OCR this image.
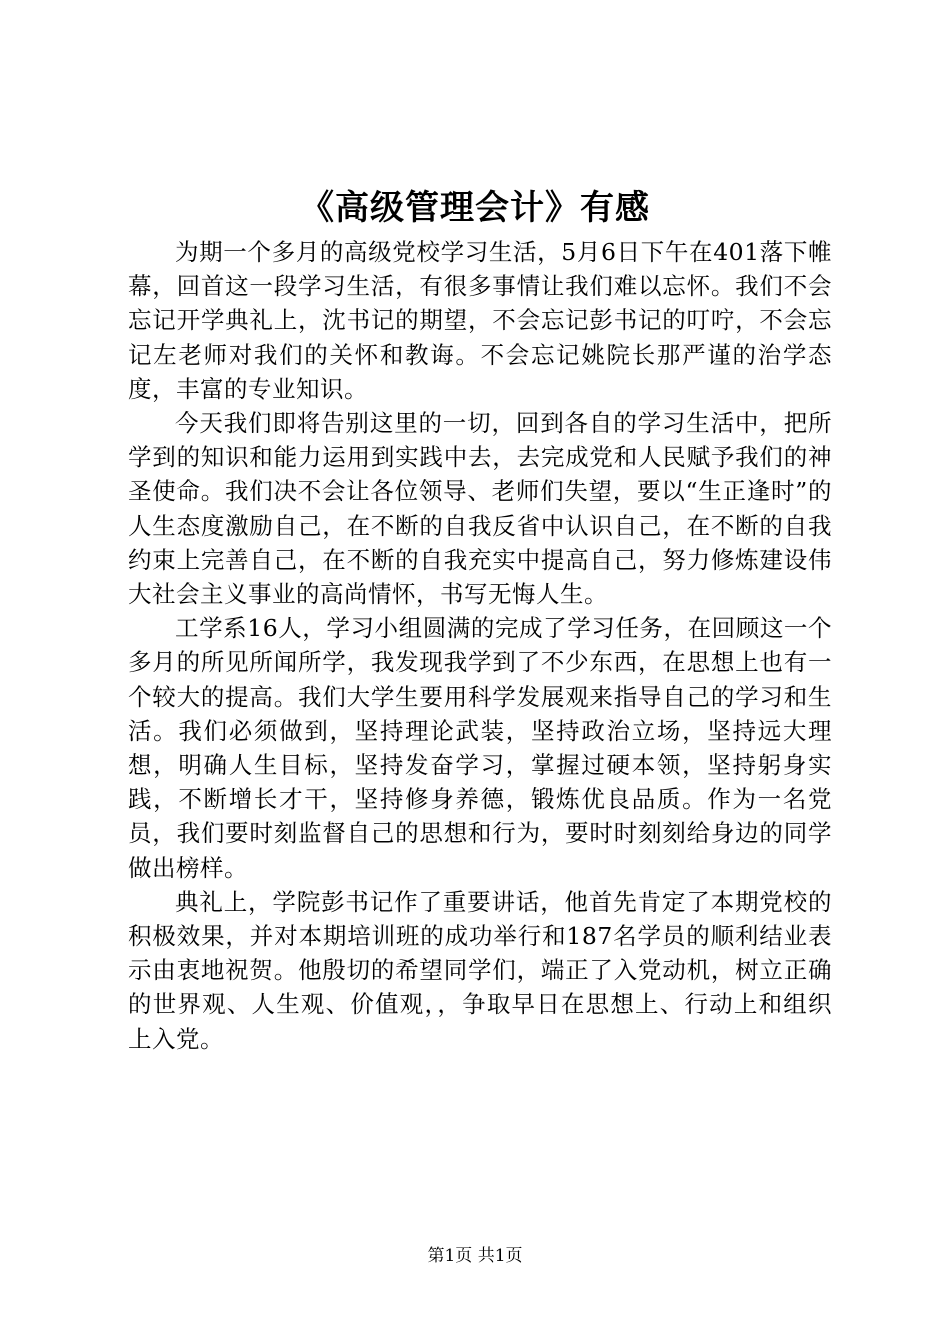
《高级管理会计》有感

为期一个多月的高级党校学习生活，5月6日下午在401落下帷幕，回首这一段学习生活，有很多事情让我们难以忘怀。我们不会忘记开学典礼上，沈书记的期望，不会忘记彭书记的叮咛，不会忘记左老师对我们的关怀和教诲。不会忘记姚院长那严谨的治学态度，丰富的专业知识。

今天我们即将告别这里的一切，回到各自的学习生活中，把所学到的知识和能力运用到实践中去，去完成党和人民赋予我们的神圣使命。我们决不会让各位领导、老师们失望，要以“生正逢时”的人生态度激励自己，在不断的自我反省中认识自己，在不断的自我约束上完善自己，在不断的自我充实中提高自己，努力修炼建设伟大社会主义事业的高尚情怀，书写无悔人生。

工学系16人，学习小组圆满的完成了学习任务，在回顾这一个多月的所见所闻所学，我发现我学到了不少东西，在思想上也有一个较大的提高。我们大学生要用科学发展观来指导自己的学习和生活。我们必须做到，坚持理论武装，坚持政治立场，坚持远大理想，明确人生目标，坚持发奋学习，掌握过硬本领，坚持躬身实践，不断增长才干，坚持修身养德，锻炼优良品质。作为一名党员，我们要时刻监督自己的思想和行为，要时时刻刻给身边的同学做出榜样。

典礼上，学院彭书记作了重要讲话，他首先肯定了本期党校的积极效果，并对本期培训班的成功举行和187名学员的顺利结业表示由衷地祝贺。他殷切的希望同学们，端正了入党动机，树立正确的世界观、人生观、价值观，，争取早日在思想上、行动上和组织上入党。

第1页 共1页
